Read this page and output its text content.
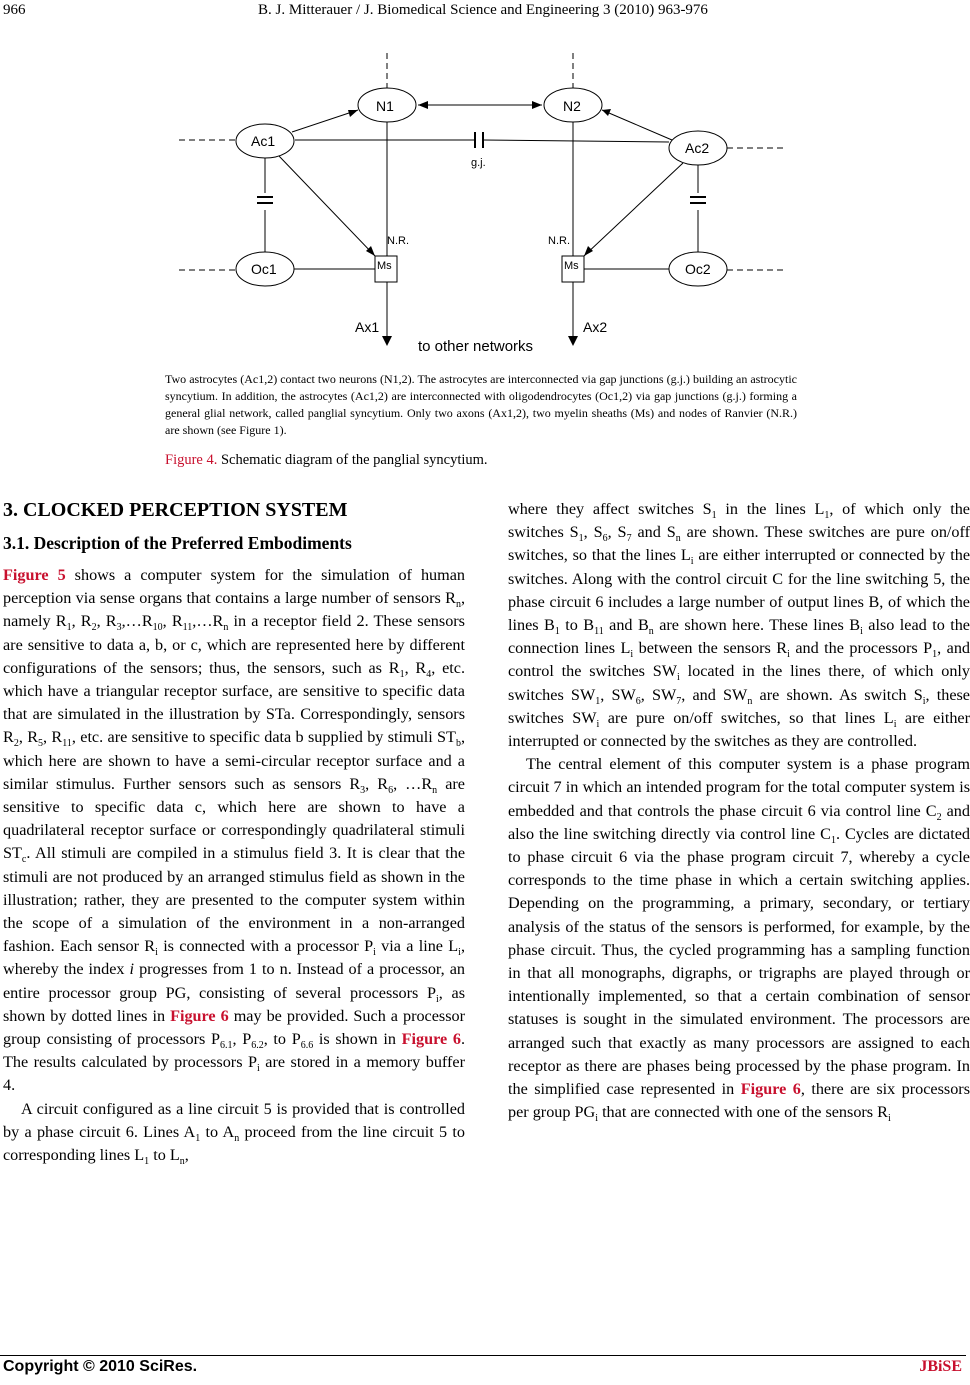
966	B. J. Mitterauer / J. Biomedical Science and Engineering 3 (2010) 963-976
N1	N2
Ac1	Ac2
Oc1	Oc2
Ax1	Ax2
to other networks
Ms	Ms
N.R.	N.R.
g.j.
Two astrocytes (Ac1,2) contact two neurons (N1,2). The astrocytes are interconnected via gap junctions (g.j.) building an astrocytic syncytium. In addition, the astrocytes (Ac1,2) are interconnected with oligodendrocytes (Oc1,2) via gap junctions (g.j.) forming a general glial network, called panglial syncytium. Only two axons (Ax1,2), two myelin sheaths (Ms) and nodes of Ranvier (N.R.) are shown (see Figure 1).
Figure 4. Schematic diagram of the panglial syncytium.
3. CLOCKED PERCEPTION SYSTEM
3.1. Description of the Preferred Embodiments

Figure 5 shows a computer system for the simulation of human perception via sense organs that contains a large number of sensors $R_n$, namely $R_1$, $R_2$, $R_3,\dots R_{10}$, $R_{11},\dots R_n$ in a receptor field 2. These sensors are sensitive to data a, b, or c, which are represented here by different configurations of the sensors; thus, the sensors, such as $R_1$, $R_4$, etc. which have a triangular receptor surface, are sensitive to specific data that are simulated in the illustration by STa. Correspondingly, sensors $R_2$, $R_5$, $R_{11}$, etc. are sensitive to specific data b supplied by stimuli $ST_b$, which here are shown to have a semi-circular receptor surface and a similar stimulus. Further sensors such as sensors $R_3$, $R_6$, $\dots R_n$ are sensitive to specific data c, which here are shown to have a quadrilateral receptor surface or correspondingly quadrilateral stimuli $ST_c$. All stimuli are compiled in a stimulus field 3. It is clear that the stimuli are not produced by an arranged stimulus field as shown in the illustration; rather, they are presented to the computer system within the scope of a simulation of the environment in a non-arranged fashion. Each sensor $R_i$ is connected with a processor $P_i$ via a line $L_i$, whereby the index i progresses from 1 to n. Instead of a processor, an entire processor group PG, consisting of several processors $P_i$, as shown by dotted lines in Figure 6 may be provided. Such a processor group consisting of processors $P_{6.1}$, $P_{6.2}$, to $P_{6.6}$ is shown in Figure 6. The results calculated by processors $P_i$ are stored in a memory buffer 4.

A circuit configured as a line circuit 5 is provided that is controlled by a phase circuit 6. Lines $A_1$ to $A_n$ proceed from the line circuit 5 to corresponding lines $L_1$ to $L_n$,

where they affect switches $S_1$ in the lines $L_1$, of which only the switches $S_1$, $S_6$, $S_7$ and $S_n$ are shown. These switches are pure on/off switches, so that the lines $L_i$ are either interrupted or connected by the switches. Along with the control circuit C for the line switching 5, the phase circuit 6 includes a large number of output lines B, of which the lines $B_1$ to $B_{11}$ and $B_n$ are shown here. These lines $B_i$ also lead to the connection lines $L_i$ between the sensors $R_i$ and the processors $P_1$, and control the switches $SW_i$ located in the lines there, of which only switches $SW_1$, $SW_6$, $SW_7$, and $SW_n$ are shown. As switch $S_i$, these switches $SW_i$ are pure on/off switches, so that lines $L_i$ are either interrupted or connected by the switches as they are controlled.

The central element of this computer system is a phase program circuit 7 in which an intended program for the total computer system is embedded and that controls the phase circuit 6 via control line $C_2$ and also the line switching directly via control line $C_1$. Cycles are dictated to phase circuit 6 via the phase program circuit 7, whereby a cycle corresponds to the time phase in which a certain switching applies. Depending on the programming, a primary, secondary, or tertiary analysis of the status of the sensors is performed, for example, by the phase circuit. Thus, the cycled programming has a sampling function in that all monographs, digraphs, or trigraphs are played through or intentionally implemented, so that a certain combination of sensor statuses is sought in the simulated environment. The processors are arranged such that exactly as many processors are assigned to each receptor as there are phases being processed by the phase program. In the simplified case represented in Figure 6, there are six processors per group $PG_i$ that are connected with one of the sensors $R_i$

Copyright © 2010 SciRes.	JBiSE
